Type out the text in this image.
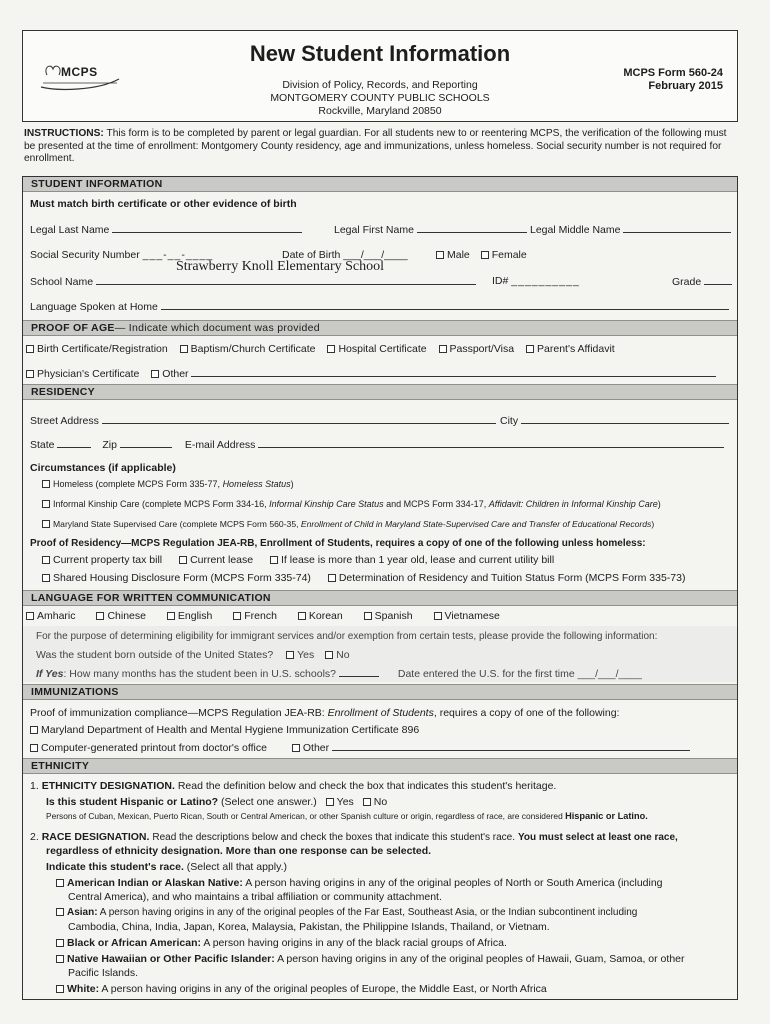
MCPS
New Student Information
Division of Policy, Records, and Reporting
MONTGOMERY COUNTY PUBLIC SCHOOLS
Rockville, Maryland 20850
MCPS Form 560-24
February 2015
INSTRUCTIONS: This form is to be completed by parent or legal guardian. For all students new to or reentering MCPS, the verification of the following must be presented at the time of enrollment: Montgomery County residency, age and immunizations, unless homeless. Social security number is not required for enrollment.
STUDENT INFORMATION
Must match birth certificate or other evidence of birth
Legal Last Name	Legal First Name	Legal Middle Name
Social Security Number ___-__-____	Date of Birth ___/___/____	Male Female
School Name
Strawberry Knoll Elementary School
ID# __________	Grade
Language Spoken at Home
PROOF OF AGE— Indicate which document was provided
Birth Certificate/Registration Baptism/Church Certificate Hospital Certificate Passport/Visa Parent's Affidavit
Physician's Certificate Other
RESIDENCY
Street Address	City
State	Zip	E-mail Address
Circumstances (if applicable)
Homeless (complete MCPS Form 335-77, Homeless Status)
Informal Kinship Care (complete MCPS Form 334-16, Informal Kinship Care Status and MCPS Form 334-17, Affidavit: Children in Informal Kinship Care)
Maryland State Supervised Care (complete MCPS Form 560-35, Enrollment of Child in Maryland State-Supervised Care and Transfer of Educational Records)
Proof of Residency—MCPS Regulation JEA-RB, Enrollment of Students, requires a copy of one of the following unless homeless:
Current property tax bill	Current lease	If lease is more than 1 year old, lease and current utility bill
Shared Housing Disclosure Form (MCPS Form 335-74)	Determination of Residency and Tuition Status Form (MCPS Form 335-73)
LANGUAGE FOR WRITTEN COMMUNICATION
Amharic	Chinese	English	French	Korean	Spanish	Vietnamese
For the purpose of determining eligibility for immigrant services and/or exemption from certain tests, please provide the following information:
Was the student born outside of the United States? Yes No
If Yes: How many months has the student been in U.S. schools?	Date entered the U.S. for the first time ___/___/____
IMMUNIZATIONS
Proof of immunization compliance—MCPS Regulation JEA-RB: Enrollment of Students, requires a copy of one of the following:
Maryland Department of Health and Mental Hygiene Immunization Certificate 896
Computer-generated printout from doctor's office	Other
ETHNICITY
1. ETHNICITY DESIGNATION. Read the definition below and check the box that indicates this student's heritage.
Is this student Hispanic or Latino? (Select one answer.) Yes No
Persons of Cuban, Mexican, Puerto Rican, South or Central American, or other Spanish culture or origin, regardless of race, are considered Hispanic or Latino.
2. RACE DESIGNATION. Read the descriptions below and check the boxes that indicate this student's race. You must select at least one race,
regardless of ethnicity designation. More than one response can be selected.
Indicate this student's race. (Select all that apply.)
American Indian or Alaskan Native: A person having origins in any of the original peoples of North or South America (including
Central America), and who maintains a tribal affiliation or community attachment.
Asian: A person having origins in any of the original peoples of the Far East, Southeast Asia, or the Indian subcontinent including
Cambodia, China, India, Japan, Korea, Malaysia, Pakistan, the Philippine Islands, Thailand, or Vietnam.
Black or African American: A person having origins in any of the black racial groups of Africa.
Native Hawaiian or Other Pacific Islander: A person having origins in any of the original peoples of Hawaii, Guam, Samoa, or other
Pacific Islands.
White: A person having origins in any of the original peoples of Europe, the Middle East, or North Africa
